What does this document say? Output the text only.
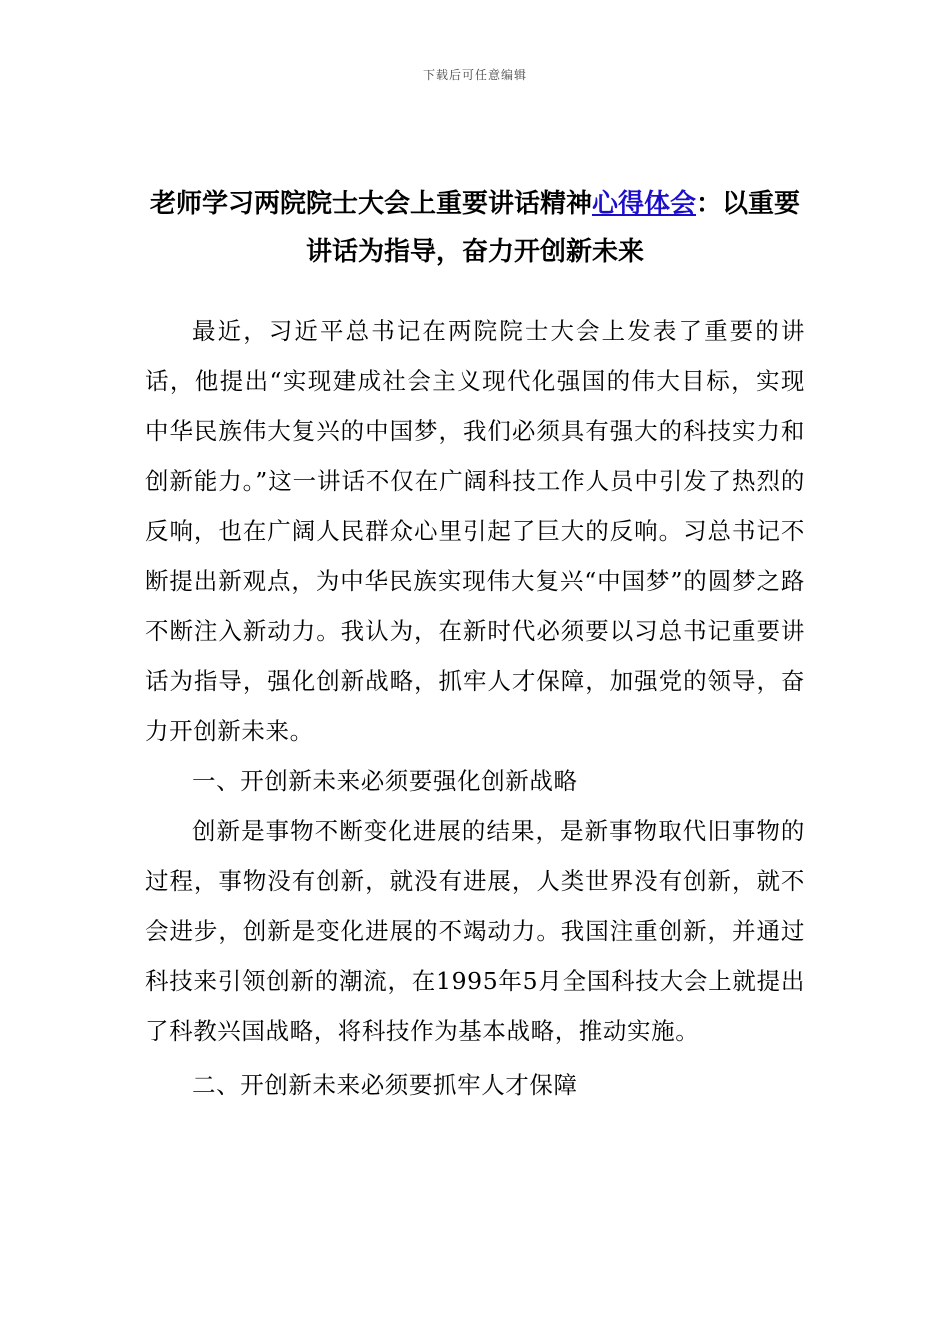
下载后可任意编辑
老师学习两院院士大会上重要讲话精神心得体会：以重要讲话为指导，奋力开创新未来

最近，习近平总书记在两院院士大会上发表了重要的讲话，他提出“实现建成社会主义现代化强国的伟大目标，实现中华民族伟大复兴的中国梦，我们必须具有强大的科技实力和创新能力。”这一讲话不仅在广阔科技工作人员中引发了热烈的反响，也在广阔人民群众心里引起了巨大的反响。习总书记不断提出新观点，为中华民族实现伟大复兴“中国梦”的圆梦之路不断注入新动力。我认为，在新时代必须要以习总书记重要讲话为指导，强化创新战略，抓牢人才保障，加强党的领导，奋力开创新未来。

一、开创新未来必须要强化创新战略

创新是事物不断变化进展的结果，是新事物取代旧事物的过程，事物没有创新，就没有进展，人类世界没有创新，就不会进步，创新是变化进展的不竭动力。我国注重创新，并通过科技来引领创新的潮流，在1995年5月全国科技大会上就提出了科教兴国战略，将科技作为基本战略，推动实施。

二、开创新未来必须要抓牢人才保障
